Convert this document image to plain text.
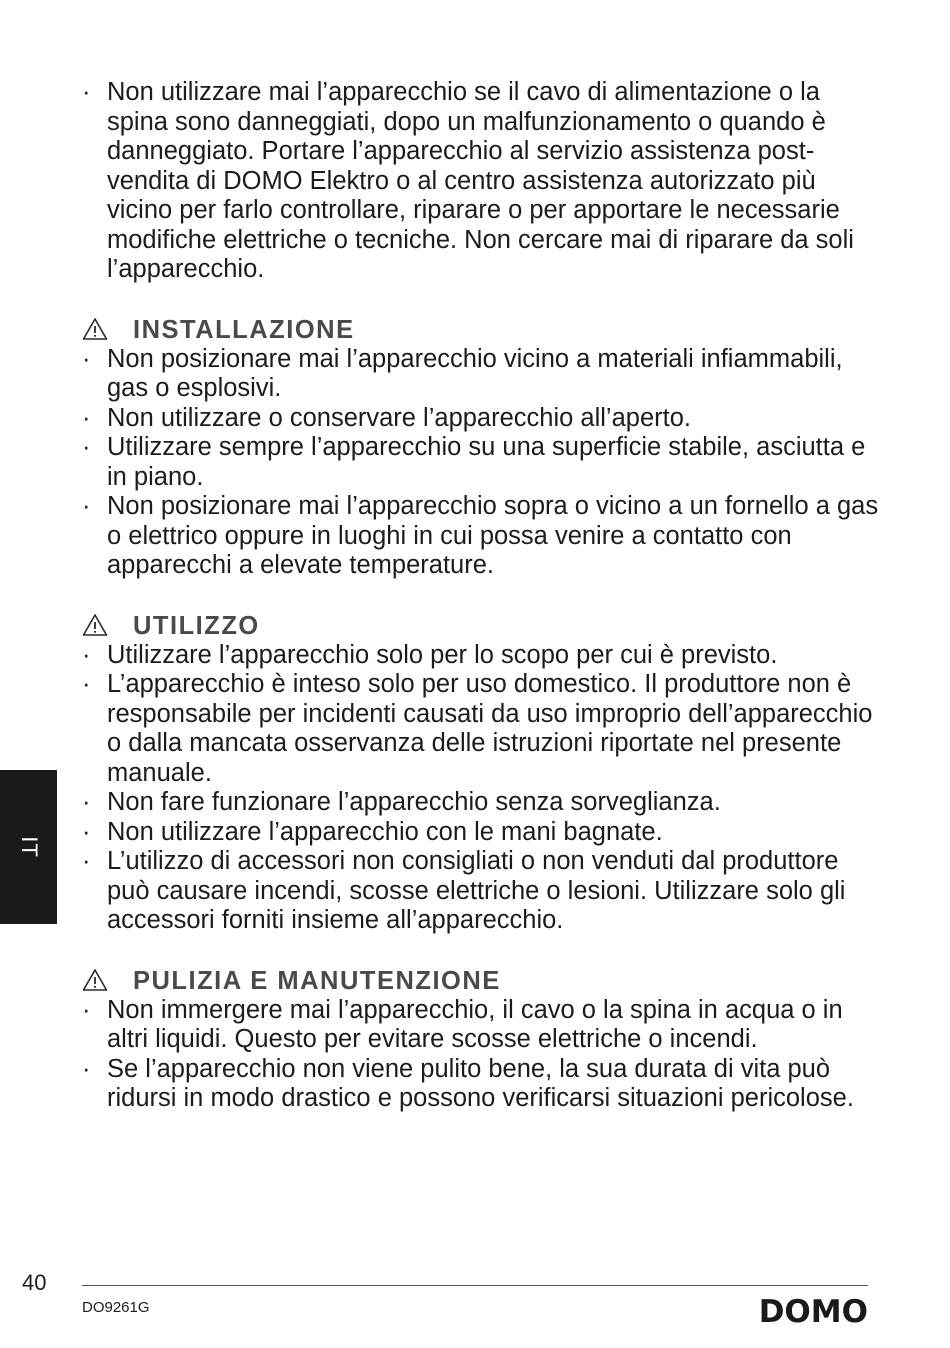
· Non utilizzare mai l’apparecchio se il cavo di alimentazione o la spina sono danneggiati, dopo un malfunzionamento o quando è danneggiato. Portare l’apparecchio al servizio assistenza post-vendita di DOMO Elektro o al centro assistenza autorizzato più vicino per farlo controllare, riparare o per apportare le necessarie modifiche elettriche o tecniche. Non cercare mai di riparare da soli l’apparecchio.
INSTALLAZIONE
· Non posizionare mai l’apparecchio vicino a materiali infiammabili, gas o esplosivi.
· Non utilizzare o conservare l’apparecchio all’aperto.
· Utilizzare sempre l’apparecchio su una superficie stabile, asciutta e in piano.
· Non posizionare mai l’apparecchio sopra o vicino a un fornello a gas o elettrico oppure in luoghi in cui possa venire a contatto con apparecchi a elevate temperature.
UTILIZZO
· Utilizzare l’apparecchio solo per lo scopo per cui è previsto.
· L’apparecchio è inteso solo per uso domestico. Il produttore non è responsabile per incidenti causati da uso improprio dell’apparecchio o dalla mancata osservanza delle istruzioni riportate nel presente manuale.
· Non fare funzionare l’apparecchio senza sorveglianza.
· Non utilizzare l’apparecchio con le mani bagnate.
· L’utilizzo di accessori non consigliati o non venduti dal produttore può causare incendi, scosse elettriche o lesioni. Utilizzare solo gli accessori forniti insieme all’apparecchio.
PULIZIA E MANUTENZIONE
· Non immergere mai l’apparecchio, il cavo o la spina in acqua o in altri liquidi. Questo per evitare scosse elettriche o incendi.
· Se l’apparecchio non viene pulito bene, la sua durata di vita può ridursi in modo drastico e possono verificarsi situazioni pericolose.
IT
40
DO9261G	DOMO
